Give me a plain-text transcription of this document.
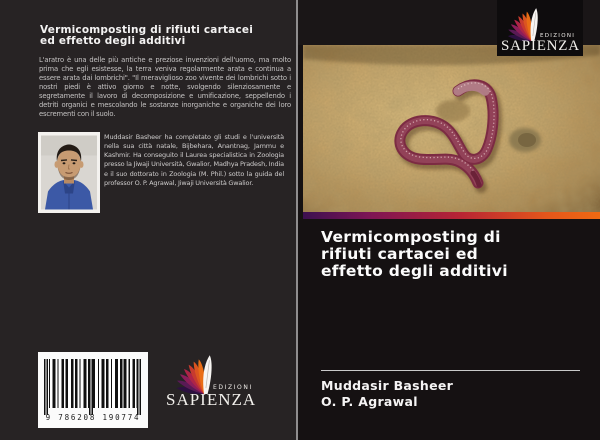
Vermicomposting di rifiuti cartacei
ed effetto degli additivi
L'aratro è una delle più antiche e preziose invenzioni dell'uomo, ma molto prima che egli esistesse, la terra veniva regolarmente arata e continua a essere arata dai lombrichi". "Il meraviglioso zoo vivente dei lombrichi sotto i nostri piedi è attivo giorno e notte, svolgendo silenziosamente e segretamente il lavoro di decomposizione e umificazione, seppellendo i detriti organici e mescolando le sostanze inorganiche e organiche dei loro escrementi con il suolo.
Muddasir Basheer ha completato gli studi e l'università nella sua città natale, Bijbehara, Anantnag, Jammu e Kashmir. Ha conseguito il Laurea specialistica in Zoologia presso la Jiwaji Università, Gwalior, Madhya Pradesh, India e il suo dottorato in Zoologia (M. Phil.) sotto la guida del professor O. P. Agrawal, Jiwaji Università Gwalior.
9 786208 190774
EDIZIONI
SAPIENZA
Vermicomposting di
rifiuti cartacei ed
effetto degli additivi
Muddasir Basheer
O. P. Agrawal
EDIZIONI
SAPIENZA
